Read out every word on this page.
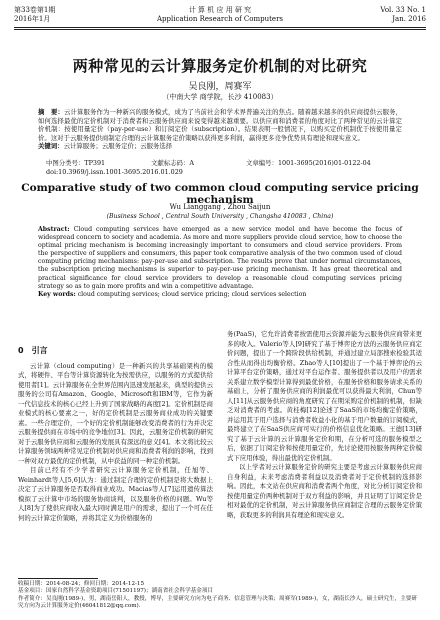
第33卷第1期
2016年1月
计 算 机 应 用 研 究
Application Research of Computers
Vol. 33 No. 1
Jan. 2016
两种常见的云计算服务定价机制的对比研究
吴良刚，周赛军
（中南大学 商学院，长沙 410083）
摘　要：云计算服务作为一种新兴的服务模式，成为了当前社会和学术界普遍关注的焦点。随着越来越多的供应商提供云服务，如何选择最优的定价机制对于消费者和云服务供应商来说变得越来越重要。以供应商和消费者的角度对比了两种常见的云计算定价机制：按使用量定价（pay-per-use）和订阅定价（subscription）。结果表明一般情况下，以购买定价机制优于按使用量定价。这对于云服务提供商制定合理的云计算服务定价策略以获得更多利润，赢得更多竞争优势具有理论和现实意义。
关键词：云计算服务；云服务定价；云服务选择
中图分类号：TP391	文献标志码：A	文章编号：1001-3695(2016)01-0122-04
doi:10.3969/j.issn.1001-3695.2016.01.029
Comparative study of two common cloud computing service pricing mechanism
Wu Lianggang , Zhou Saijun
(Business School , Central South University , Changsha 410083 , China)
Abstract: Cloud computing services have emerged as a new service model and have become the focus of widespread concern to society and academia. As more and more suppliers provide cloud service, how to choose the optimal pricing mechanism is becoming increasingly important to consumers and cloud service providers. From the perspective of suppliers and consumers, this paper took comparative analysis of the two common used of cloud computing pricing mechanisms: pay-per-use and subscription. The results prove that under normal circumstances, the subscription pricing mechanisms is superior to pay-per-use pricing mechanism. It has great theoretical and practical significance for cloud service providers to develop a reasonable cloud computing services pricing strategy so as to gain more profits and win a competitive advantage.
Key words: cloud computing services; cloud service pricing; cloud services selection
0　引言

云计算（cloud computing）是一种新兴的共享基础架构的模式，将硬件、平台等计算资源转化为按需供应，以服务的方式提供给使用者[1]。云计算服务在全世界范围内迅速发展起来，典型的提供云服务的公司有Amazon、Google、Microsoft和IBM等，它作为新一代信息技术的核心已经上升到了国家战略的高度[2]。定价机制是商业模式的核心要素之一，好的定价机制是云服务商业成功的关键要素。一些合理定价，一个好的定价机制能够改变消费者的行为并决定云服务提供商在市场中的竞争地位[3]。因此，云服务定价机制的研究对于云服务供应商和云服务的发展具有深远的意义[4]。本文将比较云计算服务领域两种常见定价机制对供应商和消费者利润的影响，找到一种对双方最优的定价机制，从中获益的同一种定价机制。

目前已经有不少学者研究云计算服务定价机制，任旭等、Weinhardt等人[5,6]认为：通过制定合理的定价机制是将大数据上决定了云计算服务是否取得商业成功。Macias等人[7]运用遗传算法模拟了云计算中市场的服务协商谈判，以及服务价格的问题。Wu等人[8]为了使供应商收入最大同时满足用户的需求，提出了一个可在任何的云计算定价策略，并将其定义为价格服务的

务(PaaS)，它允许消费者按需使用云资源并能为云服务供应商带来更多的收入。Valerio等人[9]研究了基于博弈论方法的云服务供应商定价问题，提出了一个跨阶段供给机制，并通过建立局部搜索检验其适合性从而得出均衡价格。Zhao等人[10]提出了一个基于博弈论的云计算平台定价策略，通过对平台运作者、服务提供者以及用户的需求关系建立数学模型计算得到最优价格，在服务价格和服务请求关系的基础上，分析了服务供应商的利润最优可以获得最大利润，Chun等人[11]从云服务供应商的角度研究了在期采购定价机制的机制，但缺乏对消费者的考虑。黄桂梅[12]论述了SaaS的市场均衡定价策略，并运用其于用户选择与消费者收益小化的基于用户数量的订阅模式，最终建立了在SaaS供应商可实行的价格信息优化策略。王德[13]研究了基于云计算的云计算服务定价和期，在分析可选的服务模型之后，依据了订阅定价和按使用量定价，先讨论使用按服务两种定价模式下应用体验，得出最优的定价机制。

以上学者对云计算服务定价的研究主要是考虑云计算服务供应商自身利益，未来考虑消费者利益以及消费者对于定价机制的选择影响。因此，本文站在供应商和消费者两个角度，对比分析订阅定价和按使用量定价两种机制对于双方利益的影响，并且证明了订阅定价是相对最优的定价机制，对云计算服务供应商制定合理的云服务定价策略，获取更多的利润具有理论和现实意义。

收稿日期：2014-08-24；修回日期：2014-12-15
基金项目：国家自然科学基金资助项目(71501197)；湖南省社会科学基金项目
作者简介：吴良刚(1989-)，男，湖南岳阳人，教授，博导，主要研究方向为电子商务、信息管理与决策；周赛军(1989-)，女，湖南长沙人，硕士研究生，主要研究方向为云计算服务定价(46041812@qq.com).
